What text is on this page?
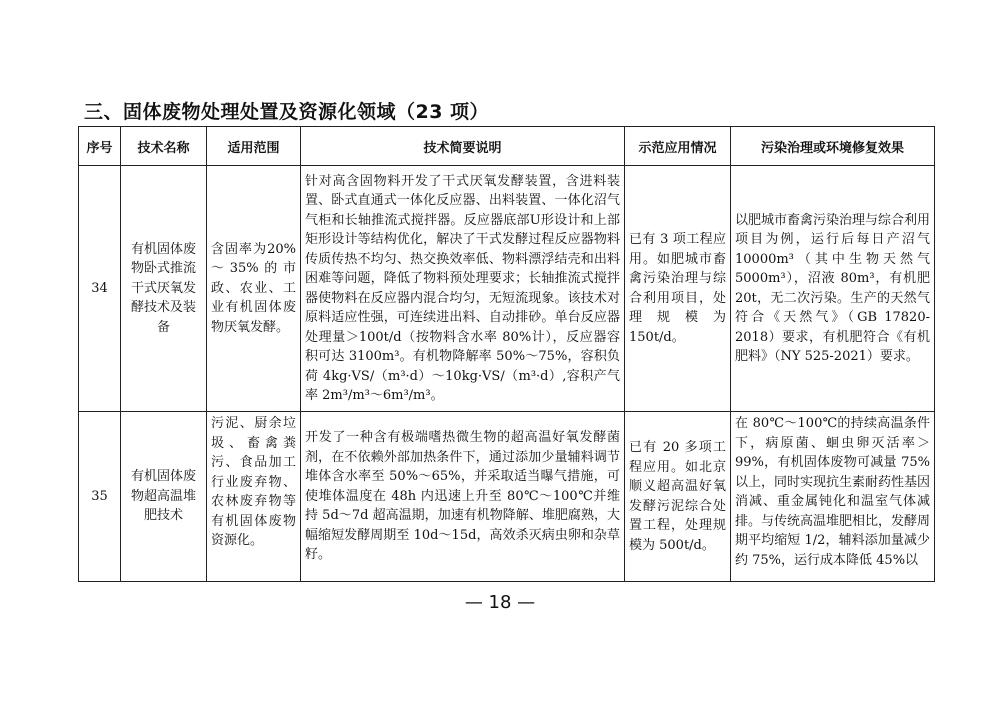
三、固体废物处理处置及资源化领域（23 项）
序号	技术名称	适用范围	技术简要说明	示范应用情况	污染治理或环境修复效果
34	有机固体废物卧式推流干式厌氧发酵技术及装备	含固率为20%～35%的市政、农业、工业有机固体废物厌氧发酵。	针对高含固物料开发了干式厌氧发酵装置，含进料装置、卧式直通式一体化反应器、出料装置、一体化沼气气柜和长轴推流式搅拌器。反应器底部U形设计和上部矩形设计等结构优化，解决了干式发酵过程反应器物料传质传热不均匀、热交换效率低、物料漂浮结壳和出料困难等问题，降低了物料预处理要求；长轴推流式搅拌器使物料在反应器内混合均匀，无短流现象。该技术对原料适应性强，可连续进出料、自动排砂。单台反应器处理量＞100t/d（按物料含水率 80%计），反应器容积可达 3100m³。有机物降解率 50%～75%，容积负荷 4kg·VS/（m³·d）～10kg·VS/（m³·d）,容积产气率 2m³/m³～6m³/m³。	已有 3 项工程应用。如肥城市畜禽污染治理与综合利用项目，处理规模为150t/d。	以肥城市畜禽污染治理与综合利用项目为例，运行后每日产沼气 10000m³（其中生物天然气 5000m³），沼液 80m³，有机肥 20t，无二次污染。生产的天然气符合《天然气》（GB 17820-2018）要求，有机肥符合《有机肥料》（NY 525-2021）要求。
35	有机固体废物超高温堆肥技术	污泥、厨余垃圾、畜禽粪污、食品加工行业废弃物、农林废弃物等有机固体废物资源化。	开发了一种含有极端嗜热微生物的超高温好氧发酵菌剂，在不依赖外部加热条件下，通过添加少量辅料调节堆体含水率至 50%～65%，并采取适当曝气措施，可使堆体温度在 48h 内迅速上升至 80℃～100℃并维持 5d～7d 超高温期，加速有机物降解、堆肥腐熟，大幅缩短发酵周期至 10d～15d，高效杀灭病虫卵和杂草籽。	已有 20 多项工程应用。如北京顺义超高温好氧发酵污泥综合处置工程，处理规模为 500t/d。	在 80℃～100℃的持续高温条件下，病原菌、蛔虫卵灭活率＞99%，有机固体废物可减量 75%以上，同时实现抗生素耐药性基因消减、重金属钝化和温室气体减排。与传统高温堆肥相比，发酵周期平均缩短 1/2，辅料添加量减少约 75%，运行成本降低 45%以
— 18 —
